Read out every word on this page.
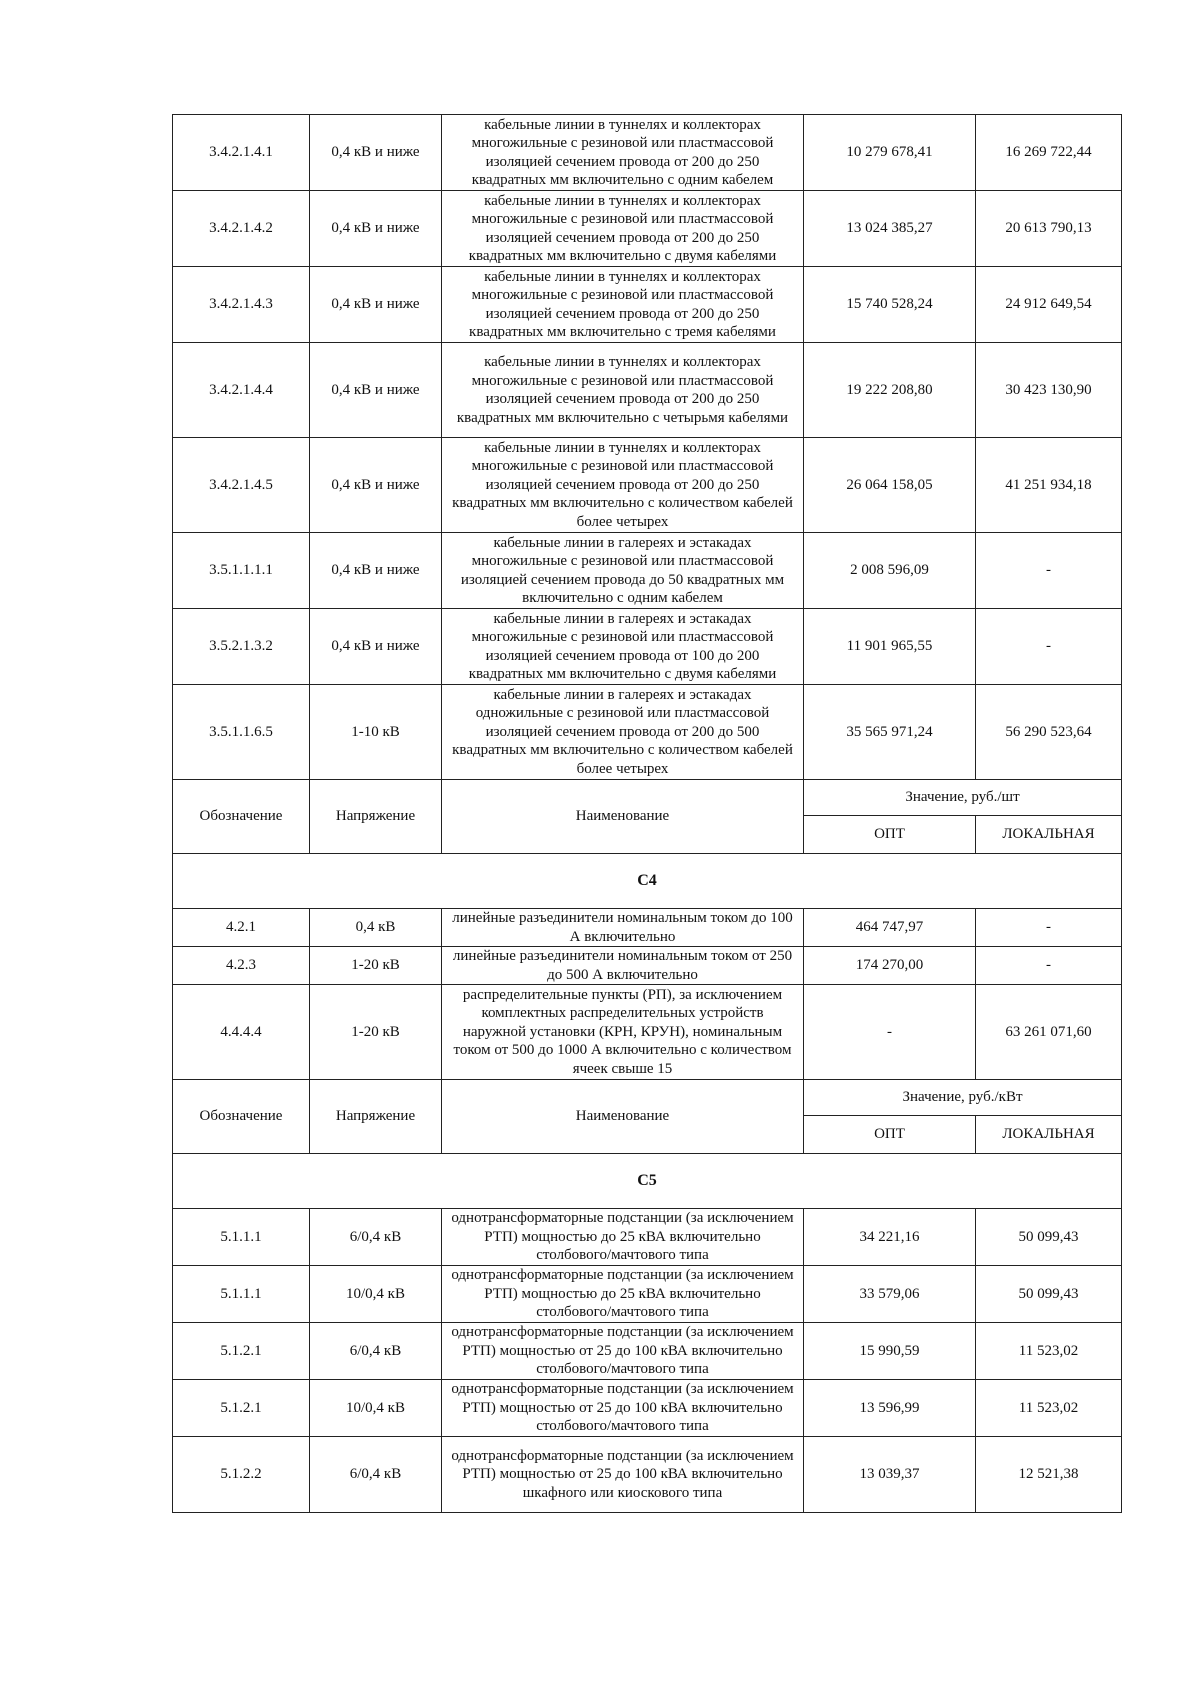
3.4.2.1.4.1	0,4 кВ и ниже	кабельные линии в туннелях и коллекторах многожильные с резиновой или пластмассовой изоляцией сечением провода от 200 до 250 квадратных мм включительно с одним кабелем	10 279 678,41	16 269 722,44
3.4.2.1.4.2	0,4 кВ и ниже	кабельные линии в туннелях и коллекторах многожильные с резиновой или пластмассовой изоляцией сечением провода от 200 до 250 квадратных мм включительно с двумя кабелями	13 024 385,27	20 613 790,13
3.4.2.1.4.3	0,4 кВ и ниже	кабельные линии в туннелях и коллекторах многожильные с резиновой или пластмассовой изоляцией сечением провода от 200 до 250 квадратных мм включительно с тремя кабелями	15 740 528,24	24 912 649,54
3.4.2.1.4.4	0,4 кВ и ниже	кабельные линии в туннелях и коллекторах многожильные с резиновой или пластмассовой изоляцией сечением провода от 200 до 250 квадратных мм включительно с четырьмя кабелями	19 222 208,80	30 423 130,90
3.4.2.1.4.5	0,4 кВ и ниже	кабельные линии в туннелях и коллекторах многожильные с резиновой или пластмассовой изоляцией сечением провода от 200 до 250 квадратных мм включительно с количеством кабелей более четырех	26 064 158,05	41 251 934,18
3.5.1.1.1.1	0,4 кВ и ниже	кабельные линии в галереях и эстакадах многожильные с резиновой или пластмассовой изоляцией сечением провода до 50 квадратных мм включительно с одним кабелем	2 008 596,09	-
3.5.2.1.3.2	0,4 кВ и ниже	кабельные линии в галереях и эстакадах многожильные с резиновой или пластмассовой изоляцией сечением провода от 100 до 200 квадратных мм включительно с двумя кабелями	11 901 965,55	-
3.5.1.1.6.5	1-10 кВ	кабельные линии в галереях и эстакадах одножильные с резиновой или пластмассовой изоляцией сечением провода от 200 до 500 квадратных мм включительно с количеством кабелей более четырех	35 565 971,24	56 290 523,64
Обозначение	Напряжение	Наименование	Значение, руб./шт	
			ОПТ	ЛОКАЛЬНАЯ
С4				
4.2.1	0,4 кВ	линейные разъединители номинальным током до 100 А включительно	464 747,97	-
4.2.3	1-20 кВ	линейные разъединители номинальным током от 250 до 500 А включительно	174 270,00	-
4.4.4.4	1-20 кВ	распределительные пункты (РП), за исключением комплектных распределительных устройств наружной установки (КРН, КРУН), номинальным током от 500 до 1000 А включительно с количеством ячеек свыше 15	-	63 261 071,60
Обозначение	Напряжение	Наименование	Значение, руб./кВт	
			ОПТ	ЛОКАЛЬНАЯ
С5				
5.1.1.1	6/0,4 кВ	однотрансформаторные подстанции (за исключением РТП) мощностью до 25 кВА включительно столбового/мачтового типа	34 221,16	50 099,43
5.1.1.1	10/0,4 кВ	однотрансформаторные подстанции (за исключением РТП) мощностью до 25 кВА включительно столбового/мачтового типа	33 579,06	50 099,43
5.1.2.1	6/0,4 кВ	однотрансформаторные подстанции (за исключением РТП) мощностью от 25 до 100 кВА включительно столбового/мачтового типа	15 990,59	11 523,02
5.1.2.1	10/0,4 кВ	однотрансформаторные подстанции (за исключением РТП) мощностью от 25 до 100 кВА включительно столбового/мачтового типа	13 596,99	11 523,02
5.1.2.2	6/0,4 кВ	однотрансформаторные подстанции (за исключением РТП) мощностью от 25 до 100 кВА включительно шкафного или киоскового типа	13 039,37	12 521,38
